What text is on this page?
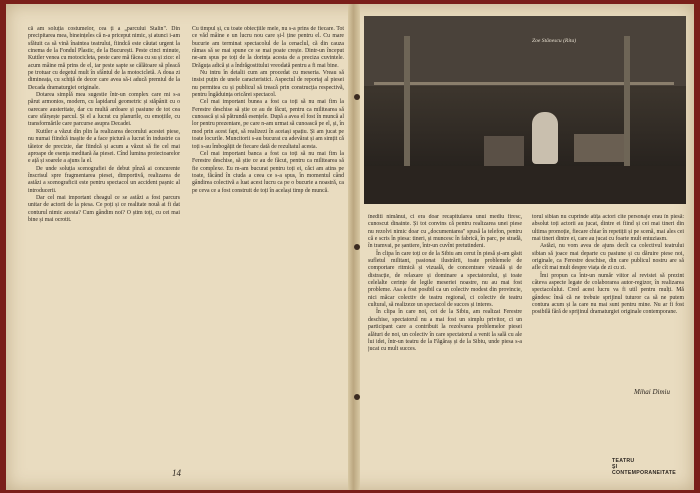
că am soluția costumelor, cea ți a „parcului Stalin". Din precipitarea mea, bineințeles că n-a priceput nimic, și atunci i-am sfătuit ca să vină înaintea teatrului, fiindcă este căutat urgent la cinema de la Fondul Plastic, de la București. Peste cinci minute, Kuttler venea cu motocicleta, peste care mă făcea cu su și zice: el acum mâine mă prins de el, iar peste sapte se călătoare să pleacă pe trotuar cu degetul mult în sfântul de la motocicletă. A doua zi dimineața, cu schiță de decor care avea să-i aducă premiul de la Decada dramaturgiei originale.

Dotarea simplă mea sugestie într-un complex care mi s-a părut armonios, modern, cu lapidarul geometric și stăpânit cu o oarecare austeritate, dar cu multă ardoare și pasiune de tot cea care sfârșește parcul. Și el a lucrat cu planurile, cu emoțiile, cu transformările care parcurse asupra Decadei.

Kuttler a văzut din plin la realizarea decorului acestei piese, nu numai fiindcă inașite de a face pictură a lucrat în industrie ca tâietor de precizie, dar fiindcă și acum a văzut să fie cel mai aproape de esența meditară ăa piesei. Cînd lumina proiectoarelor e ață și soarele a ajuns la el.

De unde soluția scenografiei de debut pînză ai concurente înscrisul spre fragmentarea piesei, dimportivă, realizarea de astăzi a scenograficii este pentru spectacol un accident pașnic al introducerii.

Dar cel mai important cheagul ce se astăzi a fost parcurs unitar de actorii de la piesa. Ce poți și ce realitate nouă ai fi dat conturul nimic acesta? Cum gândim noi? O știm toți, cu cei mai bine și mai ocrotit.

Cu timpul și, cu toate obiecțiile mele, nu s-a prins de fiecare. Tot ce văd mâine e un lucru nou care și-l ține pentru el. Cu mare bucurie am terminat spectacolul de la cenaclul, că din cauza rămas să se mai spune ce se mai poate crește. Dintr-un început ne-am spus pe toți de la dorința acesta de a preciza cuvintele. Drăguța adică și a îndrăgostitului vreodată pentru a fi mai bine.

Nu intru în detalii cum am procedat cu meseria. Vreau să insist puțin de unele caracteristici. Aspectul de reportaj al piesei nu permitea cu și publicul să treacă prin construcția respectivă, pentru îngăduința oricărei spectacol.

Cel mai important bunea a fost ca toți să nu mai fim la Ferestre deschise să știe ce au de făcut, pentru ca militearea să cunoască și să pătrundă esențele. După a avea el fost în muncă al lor pentru prezentare, pe care n-am urmat să cunoască pe el, și, în mod prin acest fapt, să realizezi în aceiași spațiu. Și am jucat pe toate locurile. Muncitorii s-au bucurat cu adevărat și am simțit că toți s-au îmbogățit de fiecare dată de rezultatul acesta.

Cel mai important banca a fost ca toți să nu mai fim la Ferestre deschise, să știe ce au de făcut, pentru ca militearea să fie complexe. Eu m-am bucurat pentru toți ei, căci am atins pe toate, făcând în ciuda a ceea ce s-a spus, în momentul când gândirea colectivă a luat acest lucru ca pe o bucurie a noastră, ca pe ceva ce a fost construit de toți în același timp de muncă.

14
Zoe Stănescu (Rita)

înediti nimănui, ci era doar recapitularea unui mediu firesc, cunoscut dinainte. Și tot convins că pentru realizarea unei piese nu rezolvi nimic doar cu „documentarea" spusă la telefon, pentru că e scris în piesa: tineri, și muncesc în fabrică, în parc, pe stradă, în tramvai, pe șantiere, într-un cuvînt pretutindeni.

În clipa în care toți ce de la Sibiu am cerut în piesă și-am găsit sufletul militant, pasionat ilustrării, toate problemele de comportare ritmică și vizuală, de concentrare vizuală și de distracție, de relaxare și dominare a spectatorului, și toate celelalte cerințe de legile meseriei noastre, nu au mai fost probleme. Asa a fost posibil ca un colectiv modest din provincie, nici măcar colectiv de teatru regional, ci colectiv de teatru cultural, să realizeze un spectacol de succes și interes.

În clipa în care noi, cei de la Sibiu, am realizat Ferestre deschise, spectatorul nu a mai fost un simplu privitor, ci un participant care a contribuit la rezolvarea problemelor piesei alături de noi, un colectiv în care spectatorul a venit la sală cu ale lui idei, într-un teatru de la Făgăraș și de la Sibiu, unde piesa s-a jucat cu mult succes.

torul sibian nu cuprinde atîța actori cîte personaje erau în piesă: absolut toți actorii au jucat, dintre ei fiind și cei mai tineri din ultima promoție, fiecare chiar în repetiții și pe scenă, mai ales cei mai tineri dintre ei, care au jucat cu foarte mult entuziasm.

Astăzi, nu vom avea de ajuns decît ca colectivul teatrului sibian să joace mai departe cu pasiune și cu dăruire piese noi, originale, ca Ferestre deschise, din care publicul nostru are să afle cît mai mult despre viața de zi cu zi.

Îmi propun ca într-un număr viitor al revistei să prezint câteva aspecte legate de colaborarea autor-regizor, în realizarea spectacolului. Cred acest lucru va fi util pentru mulți. Mă gândesc însă că ne trebuie sprijinul tuturor ca să ne putem contura acum și la care nu mai sunt pentru mine. Nu ar fi fost posibilă fără de sprijinul dramaturgiei originale contemporane.

Mihai Dimiu
TEATRU
ŞI
CONTEMPORANEITATE
